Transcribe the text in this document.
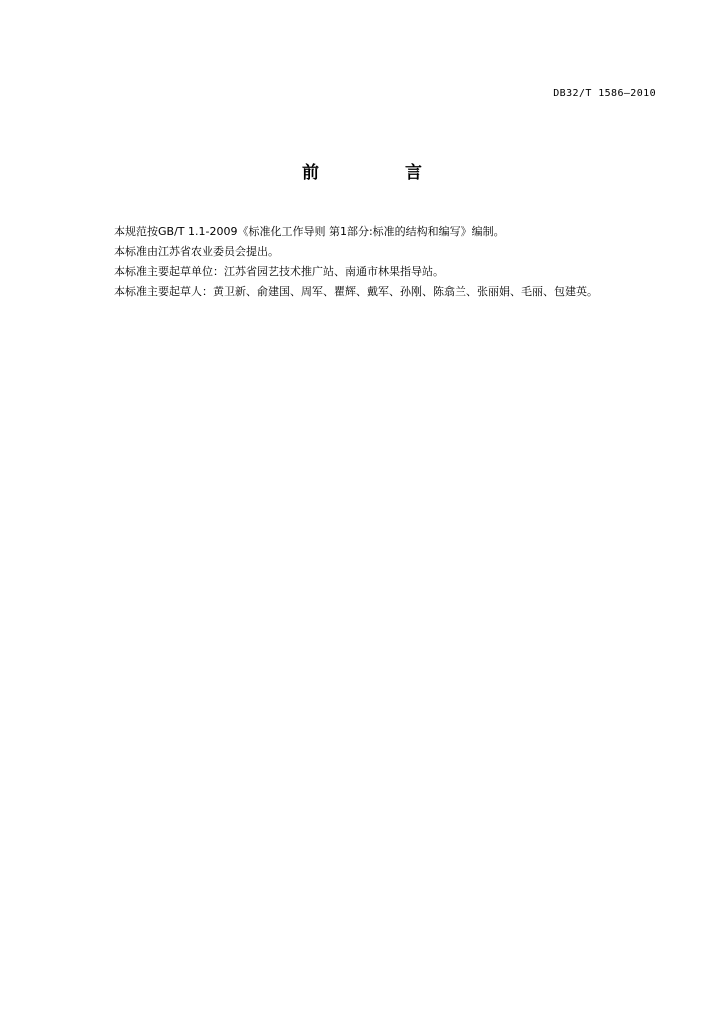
DB32/T 1586—2010
前 言
本规范按GB/T 1.1-2009《标准化工作导则 第1部分:标准的结构和编写》编制。
本标准由江苏省农业委员会提出。
本标准主要起草单位：江苏省园艺技术推广站、南通市林果指导站。
本标准主要起草人：黄卫新、俞建国、周军、瞿辉、戴军、孙刚、陈翕兰、张丽娟、毛丽、包建英。
